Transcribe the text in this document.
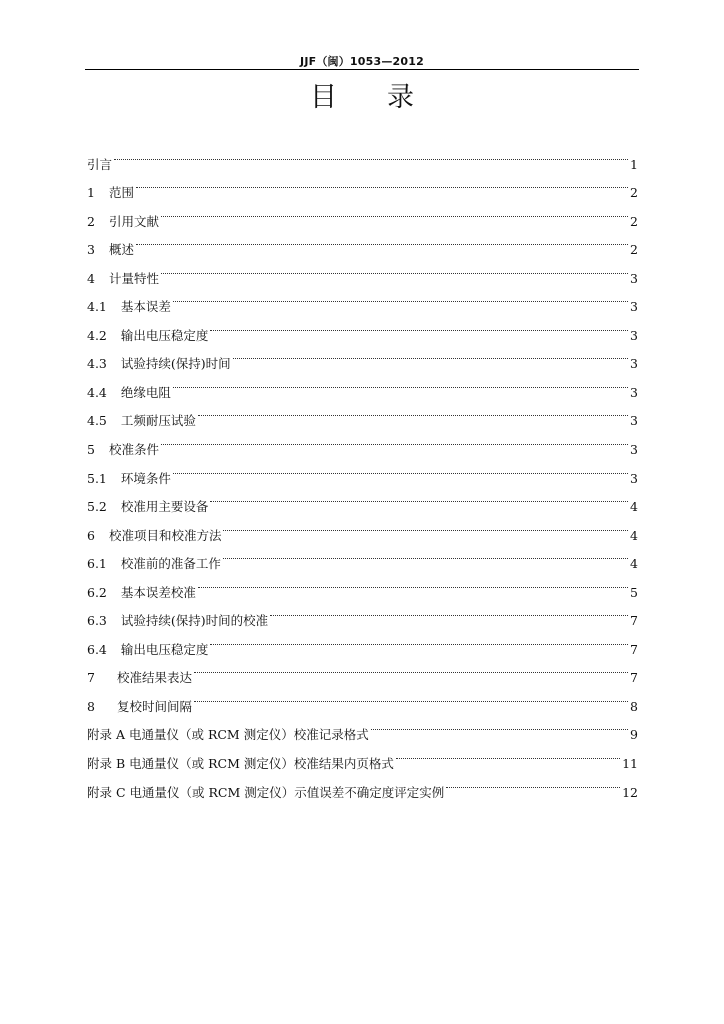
JJF（闽）1053—2012
目 录
引言	1
1 范围	2
2 引用文献	2
3 概述	2
4 计量特性	3
4.1 基本误差	3
4.2 输出电压稳定度	3
4.3 试验持续(保持)时间	3
4.4 绝缘电阻	3
4.5 工频耐压试验	3
5 校准条件	3
5.1 环境条件	3
5.2 校准用主要设备	4
6 校准项目和校准方法	4
6.1 校准前的准备工作	4
6.2 基本误差校准	5
6.3 试验持续(保持)时间的校准	7
6.4 输出电压稳定度	7
7 校准结果表达	7
8 复校时间间隔	8
附录 A 电通量仪（或 RCM 测定仪）校准记录格式	9
附录 B 电通量仪（或 RCM 测定仪）校准结果内页格式	11
附录 C 电通量仪（或 RCM 测定仪）示值误差不确定度评定实例	12
